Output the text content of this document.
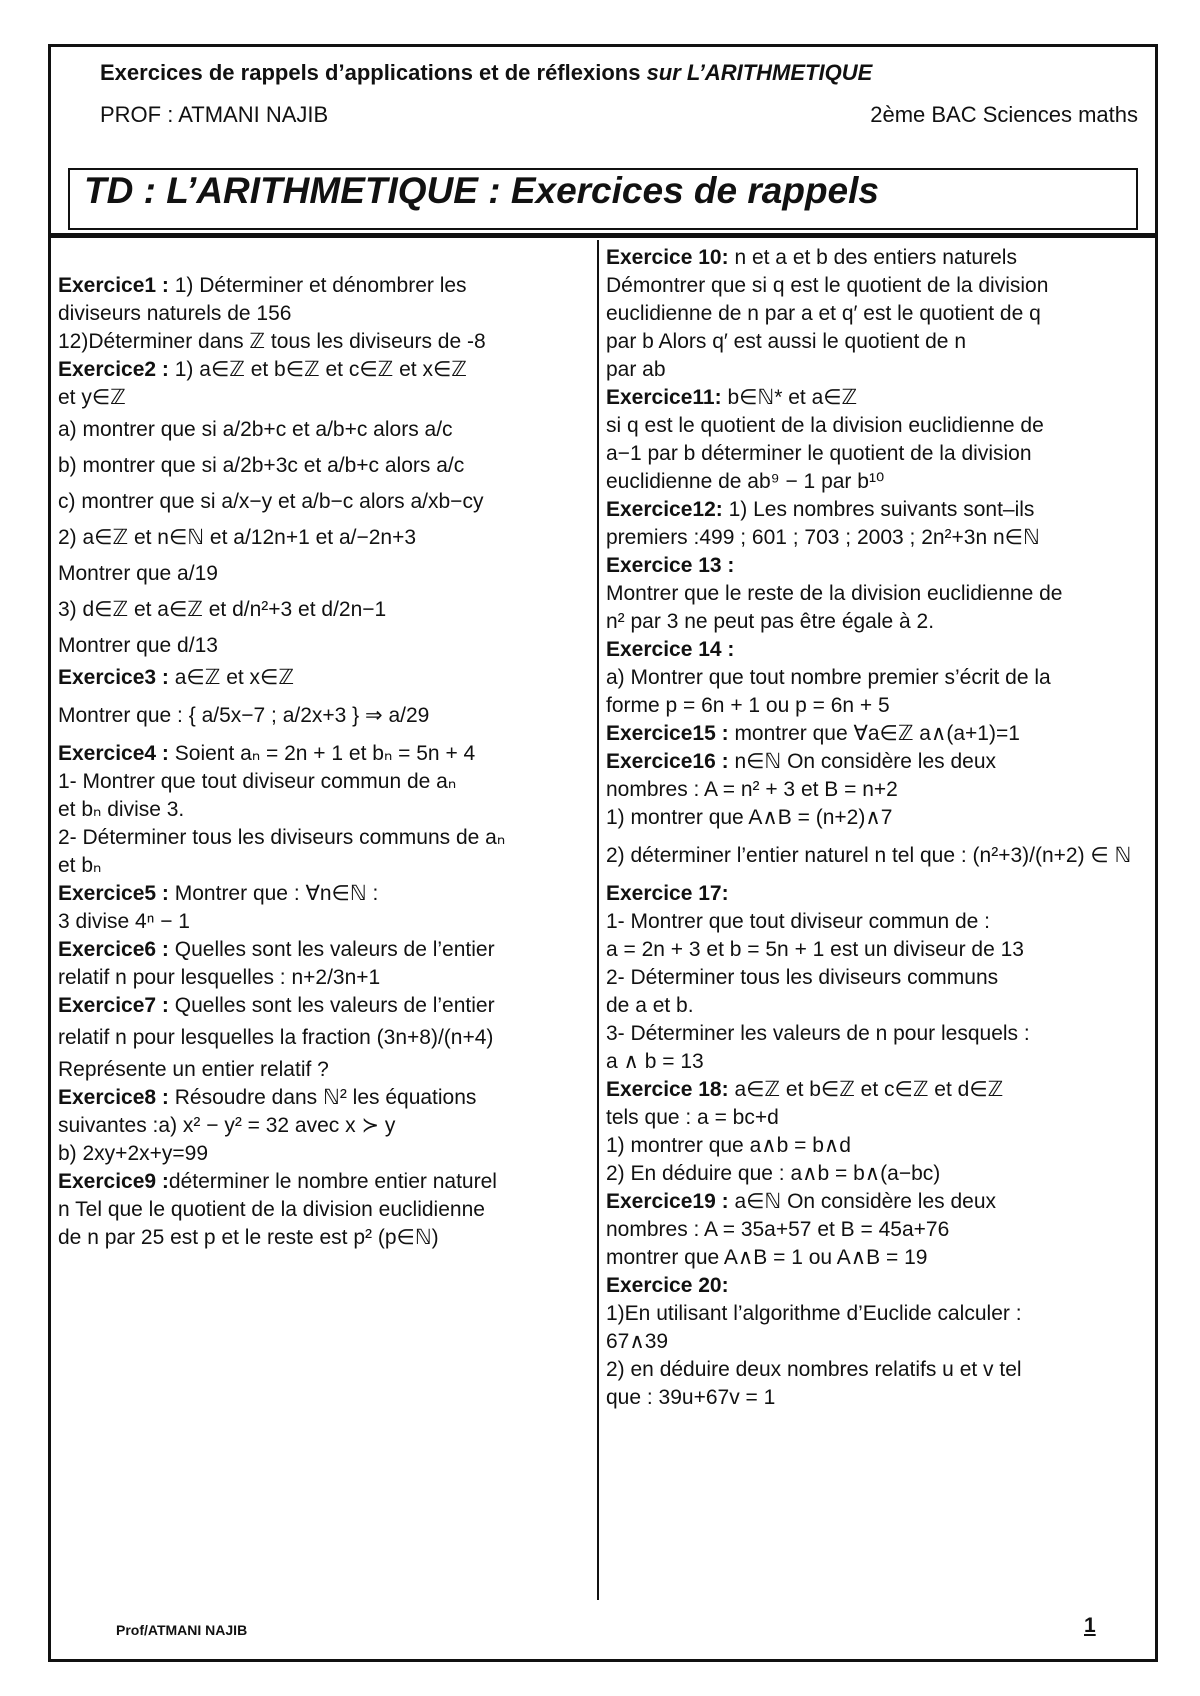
Exercices de rappels d’applications et de réflexions sur L’ARITHMETIQUE
PROF : ATMANI NAJIB	2ème BAC Sciences maths
TD : L’ARITHMETIQUE : Exercices de rappels
Exercice1 : 1) Déterminer et dénombrer les
diviseurs naturels de 156
12)Déterminer dans ℤ tous les diviseurs de -8
Exercice2 : 1) a∈ℤ et b∈ℤ et c∈ℤ et x∈ℤ
et y∈ℤ
a) montrer que si a/2b+c et a/b+c alors a/c
b) montrer que si a/2b+3c et a/b+c alors a/c
c) montrer que si a/x−y et a/b−c alors a/xb−cy
2) a∈ℤ et n∈ℕ et a/12n+1 et a/−2n+3
Montrer que a/19
3) d∈ℤ et a∈ℤ et d/n²+3 et d/2n−1
Montrer que d/13
Exercice3 : a∈ℤ et x∈ℤ
Montrer que : { a/5x−7 ; a/2x+3 } ⇒ a/29
Exercice4 : Soient aₙ = 2n + 1 et bₙ = 5n + 4
1- Montrer que tout diviseur commun de aₙ
et bₙ divise 3.
2- Déterminer tous les diviseurs communs de aₙ
et bₙ
Exercice5 : Montrer que : ∀n∈ℕ :
3 divise 4ⁿ − 1
Exercice6 : Quelles sont les valeurs de l’entier
relatif n pour lesquelles : n+2/3n+1
Exercice7 : Quelles sont les valeurs de l’entier
relatif n pour lesquelles la fraction (3n+8)/(n+4)
Représente un entier relatif ?
Exercice8 : Résoudre dans ℕ² les équations
suivantes :a) x² − y² = 32 avec x ≻ y
b) 2xy+2x+y=99
Exercice9 :déterminer le nombre entier naturel
n Tel que le quotient de la division euclidienne
de n par 25 est p et le reste est p² (p∈ℕ)
Exercice 10: n et a et b des entiers naturels
Démontrer que si q est le quotient de la division
euclidienne de n par a et q′ est le quotient de q
par b Alors q′ est aussi le quotient de n
par ab
Exercice11: b∈ℕ* et a∈ℤ
si q est le quotient de la division euclidienne de
a−1 par b déterminer le quotient de la division
euclidienne de ab⁹ − 1 par b¹⁰
Exercice12: 1) Les nombres suivants sont–ils
premiers :499 ; 601 ; 703 ; 2003 ; 2n²+3n n∈ℕ
Exercice 13 :
Montrer que le reste de la division euclidienne de
n² par 3 ne peut pas être égale à 2.
Exercice 14 :
a) Montrer que tout nombre premier s’écrit de la
forme p = 6n + 1 ou p = 6n + 5
Exercice15 : montrer que ∀a∈ℤ a∧(a+1)=1
Exercice16 : n∈ℕ On considère les deux
nombres : A = n² + 3 et B = n+2
1) montrer que A∧B = (n+2)∧7
2) déterminer l’entier naturel n tel que : (n²+3)/(n+2) ∈ ℕ
Exercice 17:
1- Montrer que tout diviseur commun de :
a = 2n + 3 et b = 5n + 1 est un diviseur de 13
2- Déterminer tous les diviseurs communs
de a et b.
3- Déterminer les valeurs de n pour lesquels :
a ∧ b = 13
Exercice 18: a∈ℤ et b∈ℤ et c∈ℤ et d∈ℤ
tels que : a = bc+d
1) montrer que a∧b = b∧d
2) En déduire que : a∧b = b∧(a−bc)
Exercice19 : a∈ℕ On considère les deux
nombres : A = 35a+57 et B = 45a+76
montrer que A∧B = 1 ou A∧B = 19
Exercice 20:
1)En utilisant l’algorithme d’Euclide calculer :
67∧39
2) en déduire deux nombres relatifs u et v tel
que : 39u+67v = 1
Prof/ATMANI NAJIB	1
